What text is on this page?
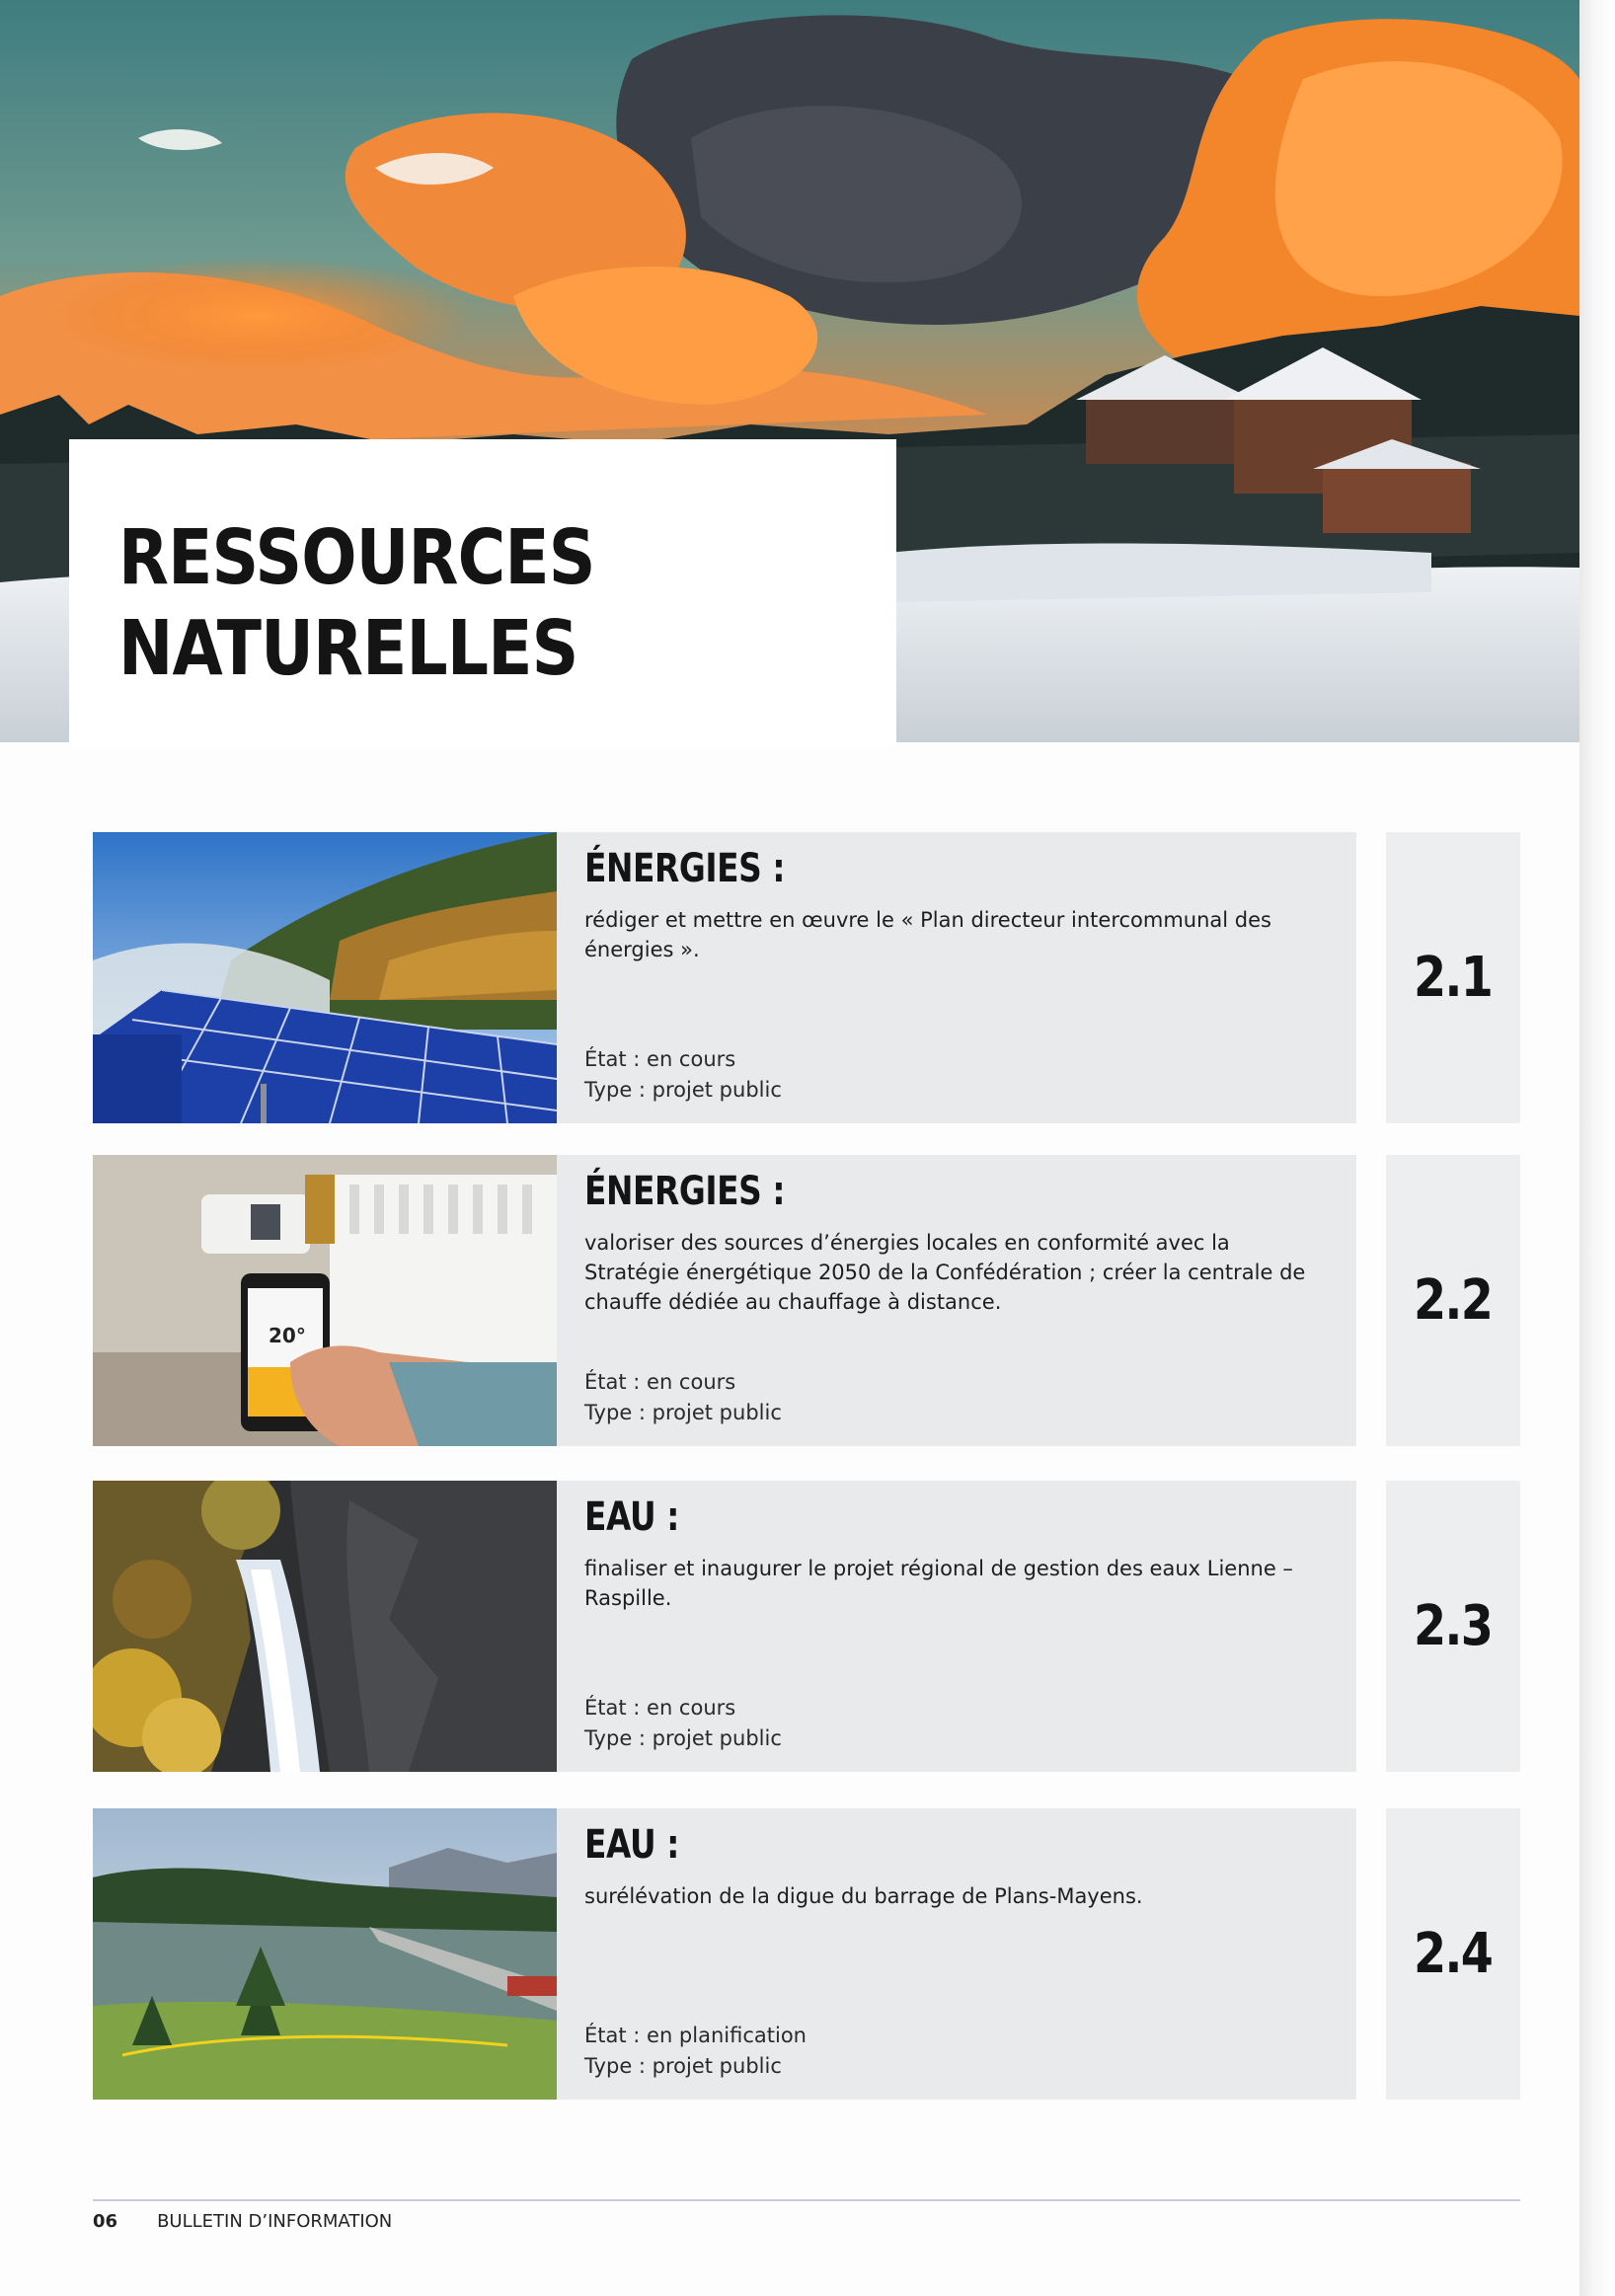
RESSOURCES
NATURELLES
ÉNERGIES :

rédiger et mettre en œuvre le « Plan directeur intercommunal des énergies ».

État : en cours
Type : projet public
2.1
20°
ÉNERGIES :

valoriser des sources d’énergies locales en conformité avec la Stratégie énergétique 2050 de la Confédération ; créer la centrale de chauffe dédiée au chauffage à distance.

État : en cours
Type : projet public
2.2
EAU :

finaliser et inaugurer le projet régional de gestion des eaux Lienne – Raspille.

État : en cours
Type : projet public
2.3
EAU :

surélévation de la digue du barrage de Plans-Mayens.

État : en planification
Type : projet public
2.4
06 BULLETIN D’INFORMATION
